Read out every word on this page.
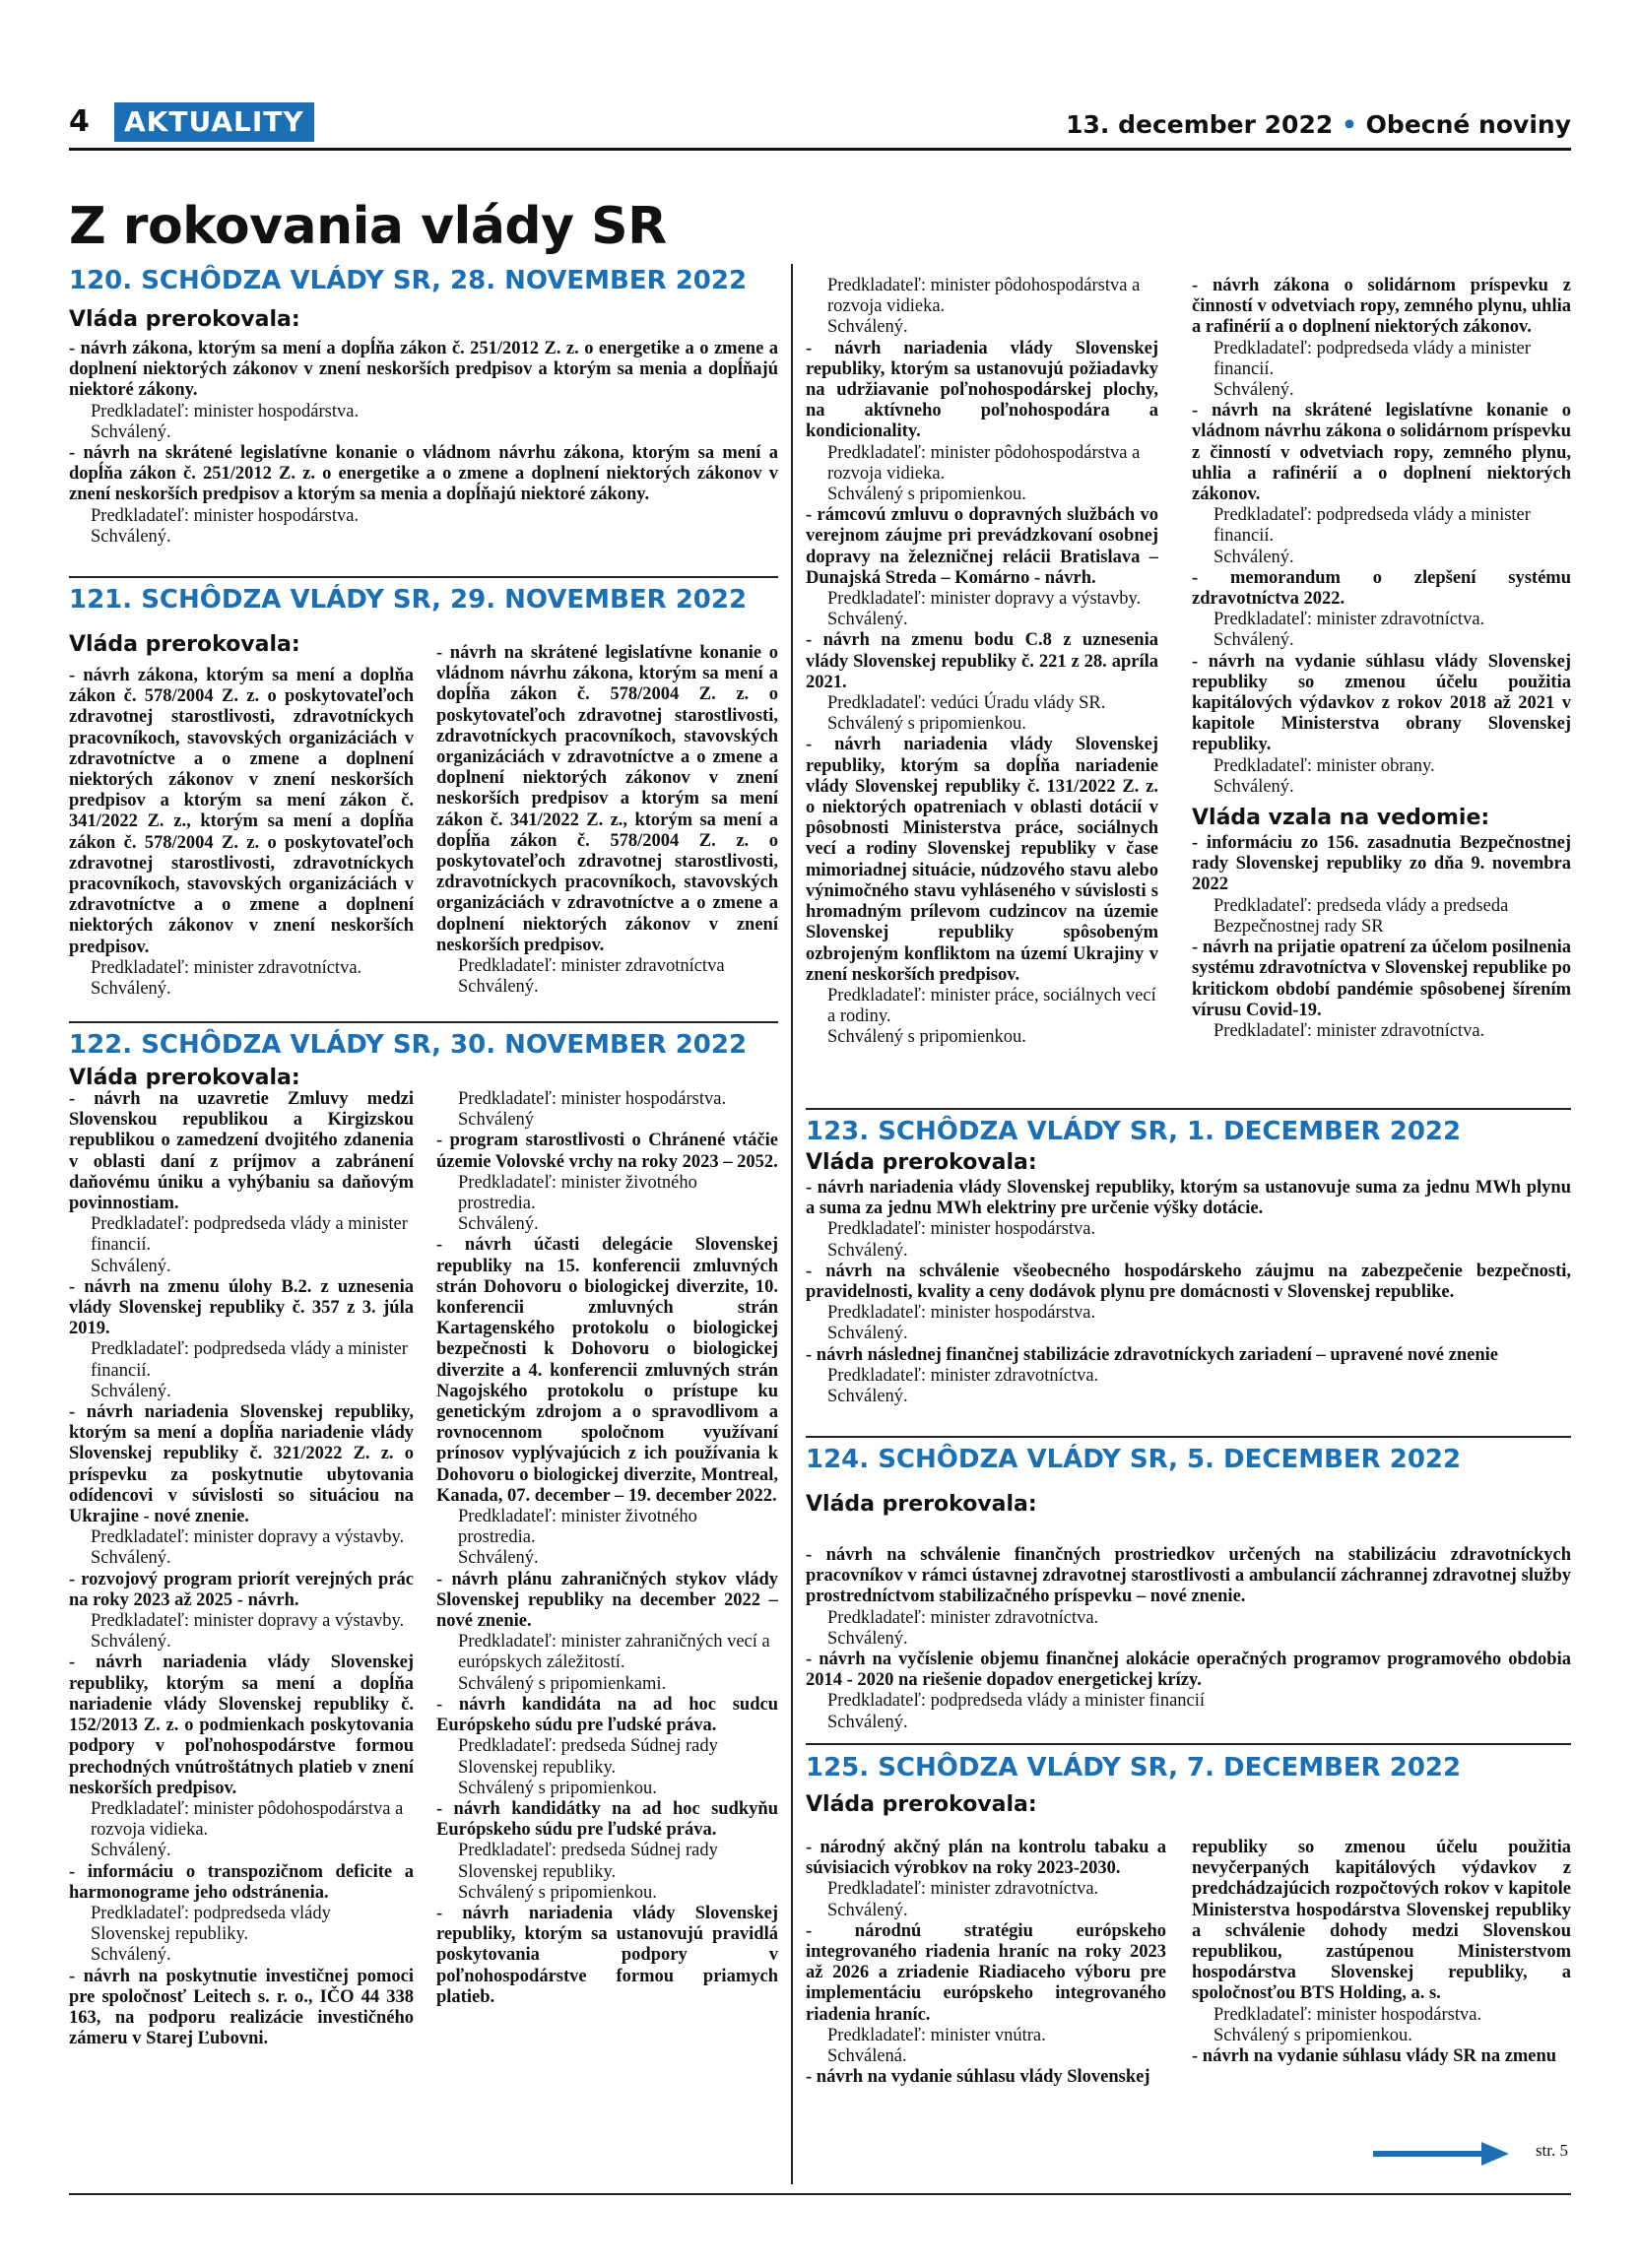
4	AKTUALITY	13. december 2022 • Obecné noviny
Z rokovania vlády SR
120. SCHÔDZA VLÁDY SR, 28. NOVEMBER 2022
Vláda prerokovala:
- návrh zákona, ktorým sa mení a dopĺňa zákon č. 251/2012 Z. z. o energetike a o zmene a doplnení niektorých zákonov v znení neskorších predpisov a ktorým sa menia a dopĺňajú niektoré zákony.
Predkladateľ: minister hospodárstva.
Schválený.
- návrh na skrátené legislatívne konanie o vládnom návrhu zákona, ktorým sa mení a dopĺňa zákon č. 251/2012 Z. z. o energetike a o zmene a doplnení niektorých zákonov v znení neskorších predpisov a ktorým sa menia a dopĺňajú niektoré zákony.
Predkladateľ: minister hospodárstva.
Schválený.
121. SCHÔDZA VLÁDY SR, 29. NOVEMBER 2022
Vláda prerokovala:
- návrh zákona, ktorým sa mení a dopĺňa zákon č. 578/2004 Z. z. o poskytovateľoch zdravotnej starostlivosti, zdravotníckych pracovníkoch, stavovských organizáciách v zdravotníctve a o zmene a doplnení niektorých zákonov v znení neskorších predpisov a ktorým sa mení zákon č. 341/2022 Z. z., ktorým sa mení a dopĺňa zákon č. 578/2004 Z. z. o poskytovateľoch zdravotnej starostlivosti, zdravotníckych pracovníkoch, stavovských organizáciách v zdravotníctve a o zmene a doplnení niektorých zákonov v znení neskorších predpisov.
Predkladateľ: minister zdravotníctva.
Schválený.
- návrh na skrátené legislatívne konanie o vládnom návrhu zákona, ktorým sa mení a dopĺňa zákon č. 578/2004 Z. z. o poskytovateľoch zdravotnej starostlivosti, zdravotníckych pracovníkoch, stavovských organizáciách v zdravotníctve a o zmene a doplnení niektorých zákonov v znení neskorších predpisov a ktorým sa mení zákon č. 341/2022 Z. z., ktorým sa mení a dopĺňa zákon č. 578/2004 Z. z. o poskytovateľoch zdravotnej starostlivosti, zdravotníckych pracovníkoch, stavovských organizáciách v zdravotníctve a o zmene a doplnení niektorých zákonov v znení neskorších predpisov.
Predkladateľ: minister zdravotníctva
Schválený.
122. SCHÔDZA VLÁDY SR, 30. NOVEMBER 2022
Vláda prerokovala:
- návrh na uzavretie Zmluvy medzi Slovenskou republikou a Kirgizskou republikou o zamedzení dvojitého zdanenia v oblasti daní z príjmov a zabránení daňovému úniku a vyhýbaniu sa daňovým povinnostiam.
Predkladateľ: podpredseda vlády a minister financií.
Schválený.
- návrh na zmenu úlohy B.2. z uznesenia vlády Slovenskej republiky č. 357 z 3. júla 2019.
Predkladateľ: podpredseda vlády a minister financií.
Schválený.
- návrh nariadenia Slovenskej republiky, ktorým sa mení a dopĺňa nariadenie vlády Slovenskej republiky č. 321/2022 Z. z. o príspevku za poskytnutie ubytovania odídencovi v súvislosti so situáciou na Ukrajine - nové znenie.
Predkladateľ: minister dopravy a výstavby.
Schválený.
- rozvojový program priorít verejných prác na roky 2023 až 2025 - návrh.
Predkladateľ: minister dopravy a výstavby.
Schválený.
- návrh nariadenia vlády Slovenskej republiky, ktorým sa mení a dopĺňa nariadenie vlády Slovenskej republiky č. 152/2013 Z. z. o podmienkach poskytovania podpory v poľnohospodárstve formou prechodných vnútroštátnych platieb v znení neskorších predpisov.
Predkladateľ: minister pôdohospodárstva a rozvoja vidieka.
Schválený.
- informáciu o transpozičnom deficite a harmonograme jeho odstránenia.
Predkladateľ: podpredseda vlády Slovenskej republiky.
Schválený.
- návrh na poskytnutie investičnej pomoci pre spoločnosť Leitech s. r. o., IČO 44 338 163, na podporu realizácie investičného zámeru v Starej Ľubovni.
Predkladateľ: minister hospodárstva.
Schválený
- program starostlivosti o Chránené vtáčie územie Volovské vrchy na roky 2023 – 2052.
Predkladateľ: minister životného prostredia.
Schválený.
- návrh účasti delegácie Slovenskej republiky na 15. konferencii zmluvných strán Dohovoru o biologickej diverzite, 10. konferencii zmluvných strán Kartagenského protokolu o biologickej bezpečnosti k Dohovoru o biologickej diverzite a 4. konferencii zmluvných strán Nagojského protokolu o prístupe ku genetickým zdrojom a o spravodlivom a rovnocennom spoločnom využívaní prínosov vyplývajúcich z ich používania k Dohovoru o biologickej diverzite, Montreal, Kanada, 07. december – 19. december 2022.
Predkladateľ: minister životného prostredia.
Schválený.
- návrh plánu zahraničných stykov vlády Slovenskej republiky na december 2022 – nové znenie.
Predkladateľ: minister zahraničných vecí a európskych záležitostí.
Schválený s pripomienkami.
- návrh kandidáta na ad hoc sudcu Európskeho súdu pre ľudské práva.
Predkladateľ: predseda Súdnej rady Slovenskej republiky.
Schválený s pripomienkou.
- návrh kandidátky na ad hoc sudkyňu Európskeho súdu pre ľudské práva.
Predkladateľ: predseda Súdnej rady Slovenskej republiky.
Schválený s pripomienkou.
- návrh nariadenia vlády Slovenskej republiky, ktorým sa ustanovujú pravidlá poskytovania podpory v poľnohospodárstve formou priamych platieb.
Predkladateľ: minister pôdohospodárstva a rozvoja vidieka.
Schválený.
- návrh nariadenia vlády Slovenskej republiky, ktorým sa ustanovujú požiadavky na udržiavanie poľnohospodárskej plochy, na aktívneho poľnohospodára a kondicionality.
Predkladateľ: minister pôdohospodárstva a rozvoja vidieka.
Schválený s pripomienkou.
- rámcovú zmluvu o dopravných službách vo verejnom záujme pri prevádzkovaní osobnej dopravy na železničnej relácii Bratislava – Dunajská Streda – Komárno - návrh.
Predkladateľ: minister dopravy a výstavby.
Schválený.
- návrh na zmenu bodu C.8 z uznesenia vlády Slovenskej republiky č. 221 z 28. apríla 2021.
Predkladateľ: vedúci Úradu vlády SR.
Schválený s pripomienkou.
- návrh nariadenia vlády Slovenskej republiky, ktorým sa dopĺňa nariadenie vlády Slovenskej republiky č. 131/2022 Z. z. o niektorých opatreniach v oblasti dotácií v pôsobnosti Ministerstva práce, sociálnych vecí a rodiny Slovenskej republiky v čase mimoriadnej situácie, núdzového stavu alebo výnimočného stavu vyhláseného v súvislosti s hromadným prílevom cudzincov na územie Slovenskej republiky spôsobeným ozbrojeným konfliktom na území Ukrajiny v znení neskorších predpisov.
Predkladateľ: minister práce, sociálnych vecí a rodiny.
Schválený s pripomienkou.
- návrh zákona o solidárnom príspevku z činností v odvetviach ropy, zemného plynu, uhlia a rafinérií a o doplnení niektorých zákonov.
Predkladateľ: podpredseda vlády a minister financií.
Schválený.
- návrh na skrátené legislatívne konanie o vládnom návrhu zákona o solidárnom príspevku z činností v odvetviach ropy, zemného plynu, uhlia a rafinérií a o doplnení niektorých zákonov.
Predkladateľ: podpredseda vlády a minister financií.
Schválený.
- memorandum o zlepšení systému zdravotníctva 2022.
Predkladateľ: minister zdravotníctva.
Schválený.
- návrh na vydanie súhlasu vlády Slovenskej republiky so zmenou účelu použitia kapitálových výdavkov z rokov 2018 až 2021 v kapitole Ministerstva obrany Slovenskej republiky.
Predkladateľ: minister obrany.
Schválený.
Vláda vzala na vedomie:
- informáciu zo 156. zasadnutia Bezpečnostnej rady Slovenskej republiky zo dňa 9. novembra 2022
Predkladateľ: predseda vlády a predseda Bezpečnostnej rady SR
- návrh na prijatie opatrení za účelom posilnenia systému zdravotníctva v Slovenskej republike po kritickom období pandémie spôsobenej šírením vírusu Covid-19.
Predkladateľ: minister zdravotníctva.
123. SCHÔDZA VLÁDY SR, 1. DECEMBER 2022
Vláda prerokovala:
- návrh nariadenia vlády Slovenskej republiky, ktorým sa ustanovuje suma za jednu MWh plynu a suma za jednu MWh elektriny pre určenie výšky dotácie.
Predkladateľ: minister hospodárstva.
Schválený.
- návrh na schválenie všeobecného hospodárskeho záujmu na zabezpečenie bezpečnosti, pravidelnosti, kvality a ceny dodávok plynu pre domácnosti v Slovenskej republike.
Predkladateľ: minister hospodárstva.
Schválený.
- návrh následnej finančnej stabilizácie zdravotníckych zariadení – upravené nové znenie
Predkladateľ: minister zdravotníctva.
Schválený.
124. SCHÔDZA VLÁDY SR, 5. DECEMBER 2022
Vláda prerokovala:
- návrh na schválenie finančných prostriedkov určených na stabilizáciu zdravotníckych pracovníkov v rámci ústavnej zdravotnej starostlivosti a ambulancií záchrannej zdravotnej služby prostredníctvom stabilizačného príspevku – nové znenie.
Predkladateľ: minister zdravotníctva.
Schválený.
- návrh na vyčíslenie objemu finančnej alokácie operačných programov programového obdobia 2014 - 2020 na riešenie dopadov energetickej krízy.
Predkladateľ: podpredseda vlády a minister financií
Schválený.
125. SCHÔDZA VLÁDY SR, 7. DECEMBER 2022
Vláda prerokovala:
- národný akčný plán na kontrolu tabaku a súvisiacich výrobkov na roky 2023-2030.
Predkladateľ: minister zdravotníctva.
Schválený.
- národnú stratégiu európskeho integrovaného riadenia hraníc na roky 2023 až 2026 a zriadenie Riadiaceho výboru pre implementáciu európskeho integrovaného riadenia hraníc.
Predkladateľ: minister vnútra.
Schválená.
- návrh na vydanie súhlasu vlády Slovenskej
republiky so zmenou účelu použitia nevyčerpaných kapitálových výdavkov z predchádzajúcich rozpočtových rokov v kapitole Ministerstva hospodárstva Slovenskej republiky a schválenie dohody medzi Slovenskou republikou, zastúpenou Ministerstvom hospodárstva Slovenskej republiky, a spoločnosťou BTS Holding, a. s.
Predkladateľ: minister hospodárstva.
Schválený s pripomienkou.
- návrh na vydanie súhlasu vlády SR na zmenu
str. 5
